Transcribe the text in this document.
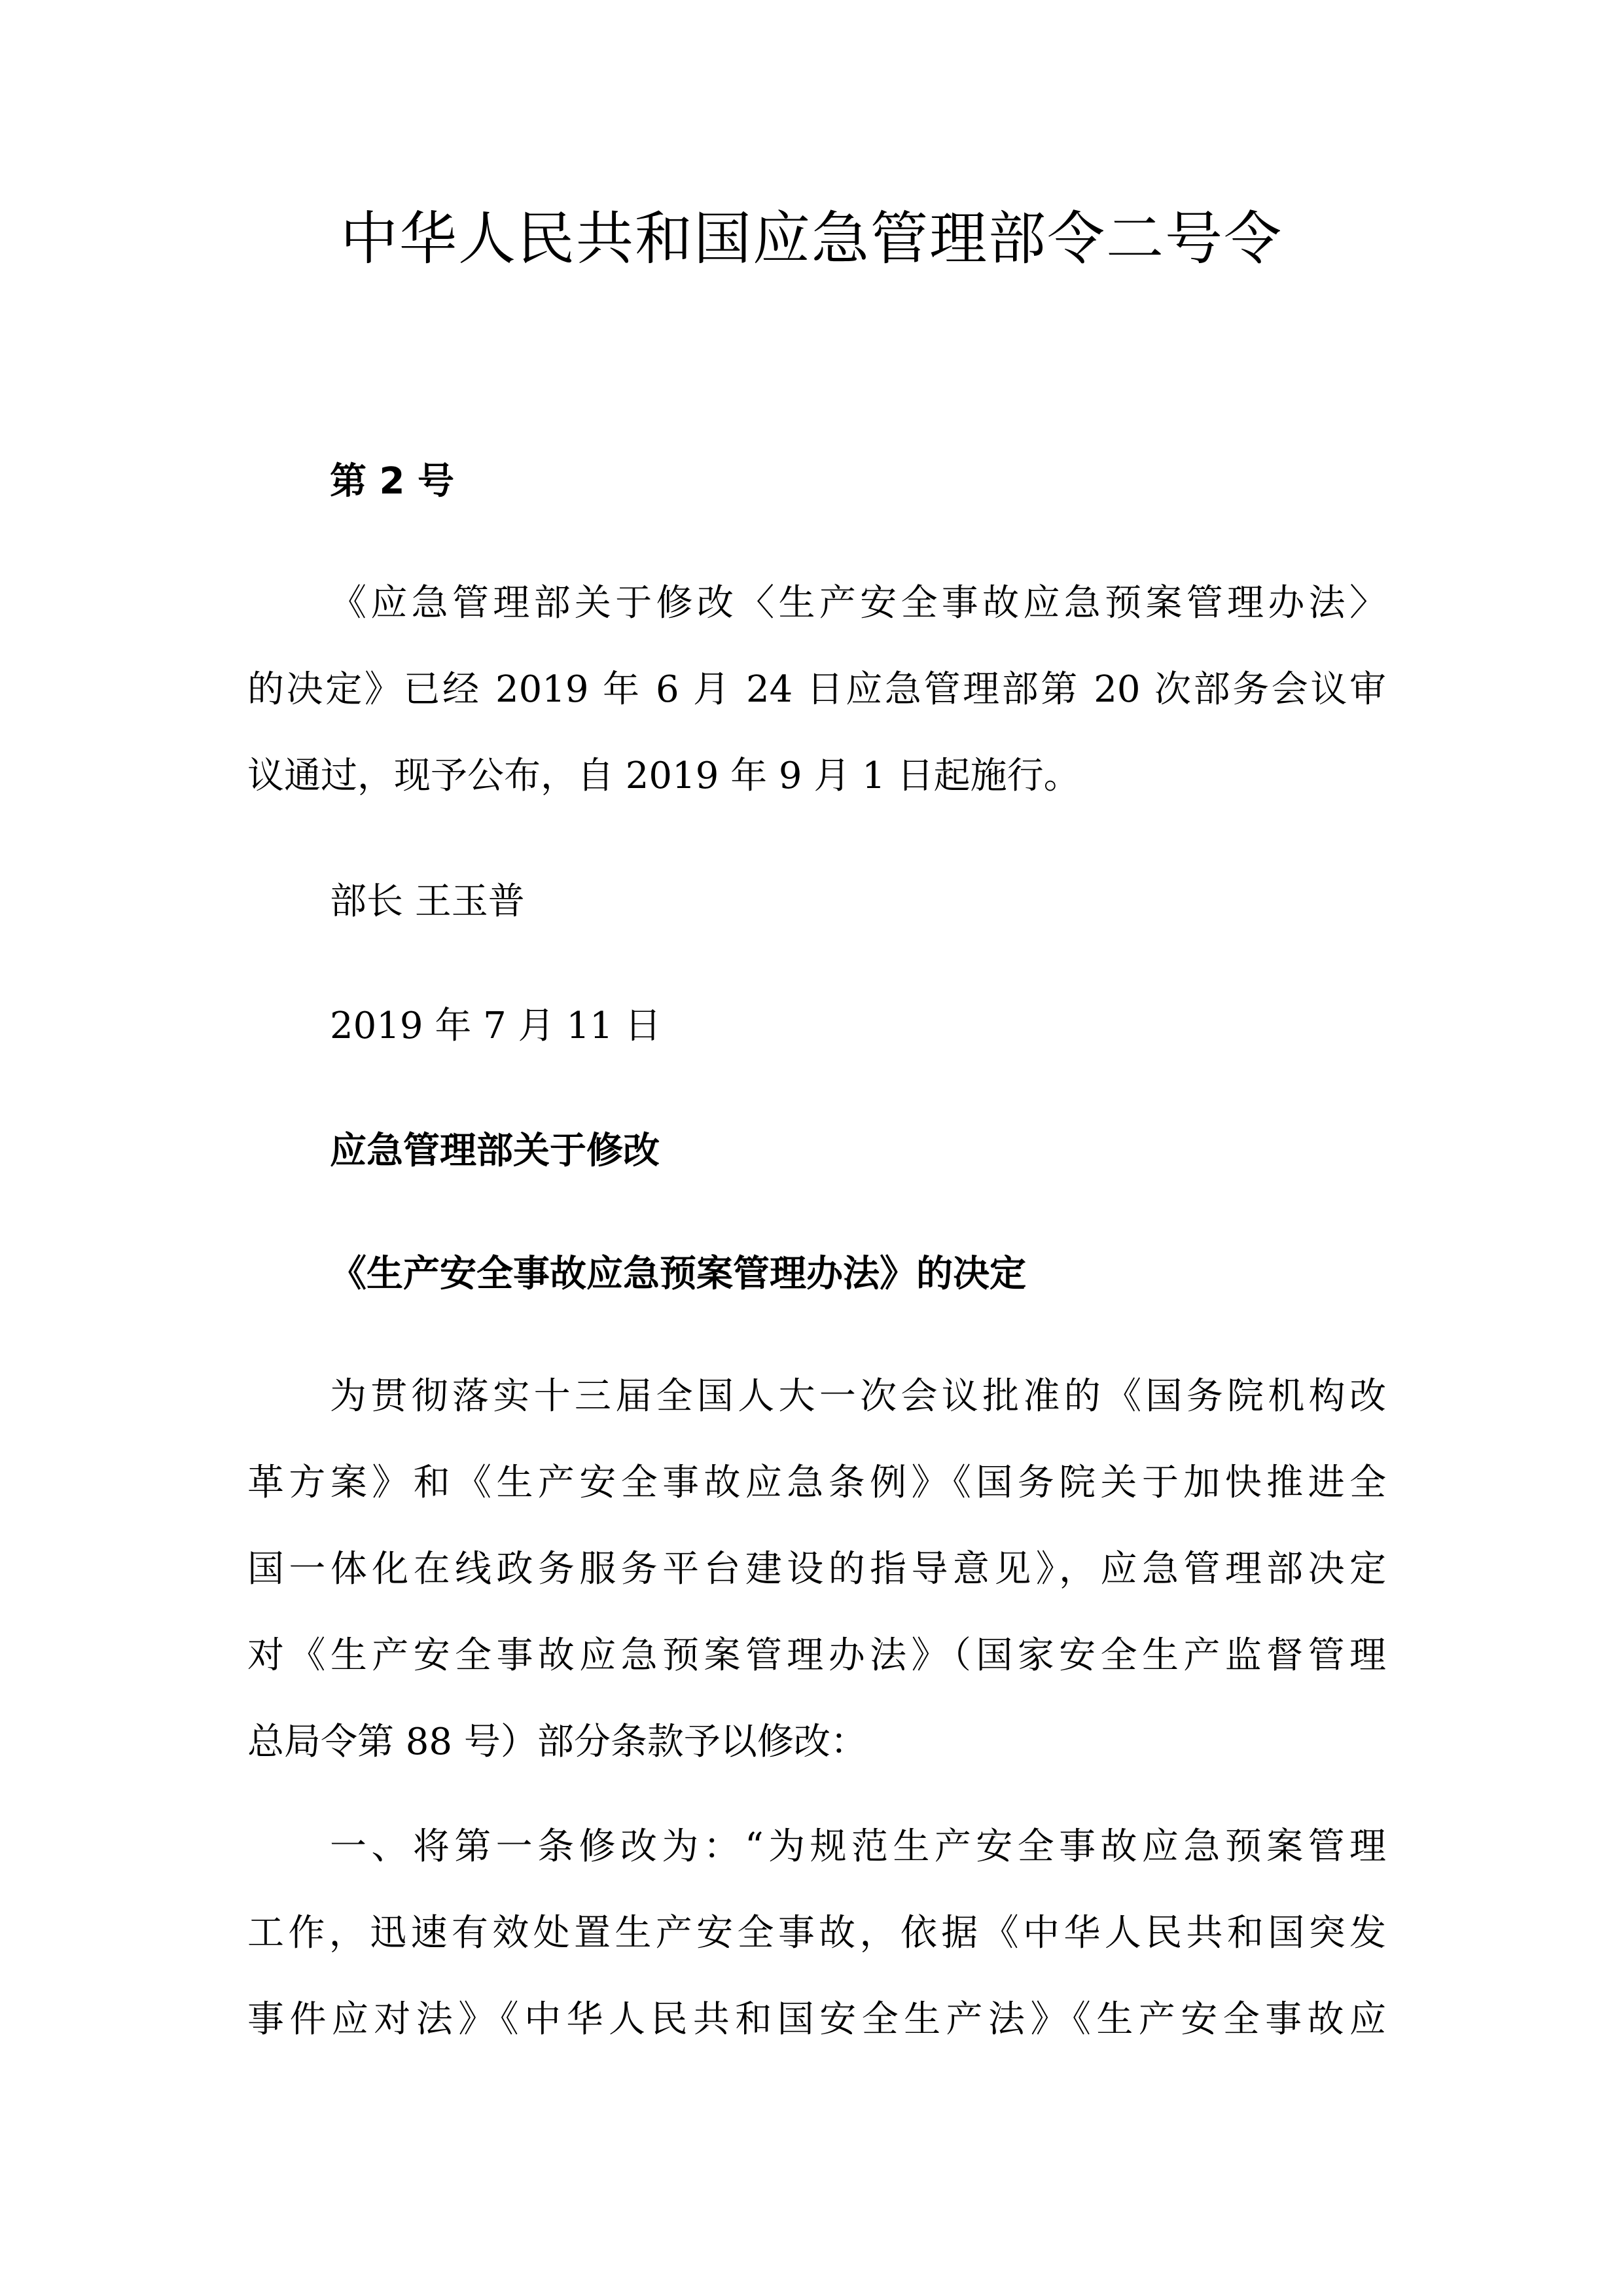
中华人民共和国应急管理部令二号令

第 2 号

《应急管理部关于修改〈生产安全事故应急预案管理办法〉
的决定》已经 2019 年 6 月 24 日应急管理部第 20 次部务会议审
议通过，现予公布，自 2019 年 9 月 1 日起施行。

部长 王玉普

2019 年 7 月 11 日

应急管理部关于修改

《生产安全事故应急预案管理办法》的决定

为贯彻落实十三届全国人大一次会议批准的《国务院机构改
革方案》和《生产安全事故应急条例》《国务院关于加快推进全
国一体化在线政务服务平台建设的指导意见》，应急管理部决定
对《生产安全事故应急预案管理办法》（国家安全生产监督管理
总局令第 88 号）部分条款予以修改：
一、将第一条修改为：“为规范生产安全事故应急预案管理
工作，迅速有效处置生产安全事故，依据《中华人民共和国突发
事件应对法》《中华人民共和国安全生产法》《生产安全事故应
